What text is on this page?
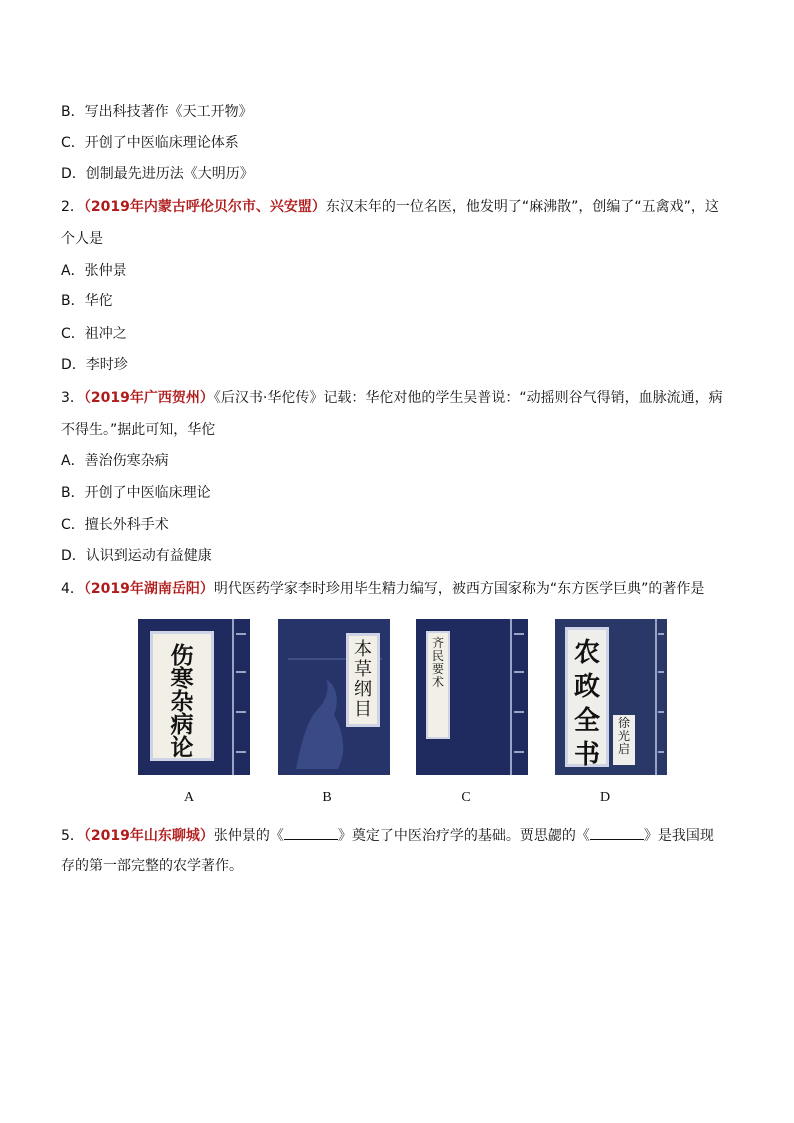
B．写出科技著作《天工开物》
C．开创了中医临床理论体系
D．创制最先进历法《大明历》
2．（2019年内蒙古呼伦贝尔市、兴安盟）东汉末年的一位名医，他发明了“麻沸散”，创编了“五禽戏”，这
个人是
A．张仲景
B．华佗
C．祖冲之
D．李时珍
3．（2019年广西贺州）《后汉书·华佗传》记载：华佗对他的学生吴普说：“动摇则谷气得销，血脉流通，病
不得生。”据此可知，华佗
A．善治伤寒杂病
B．开创了中医临床理论
C．擅长外科手术
D．认识到运动有益健康
4．（2019年湖南岳阳）明代医药学家李时珍用毕生精力编写，被西方国家称为“东方医学巨典”的著作是
伤寒杂病论
A
本草纲目
B
齐民要术
C
农政全书
徐光启
D
5．（2019年山东聊城）张仲景的《	》奠定了中医治疗学的基础。贾思勰的《	》是我国现
存的第一部完整的农学著作。
